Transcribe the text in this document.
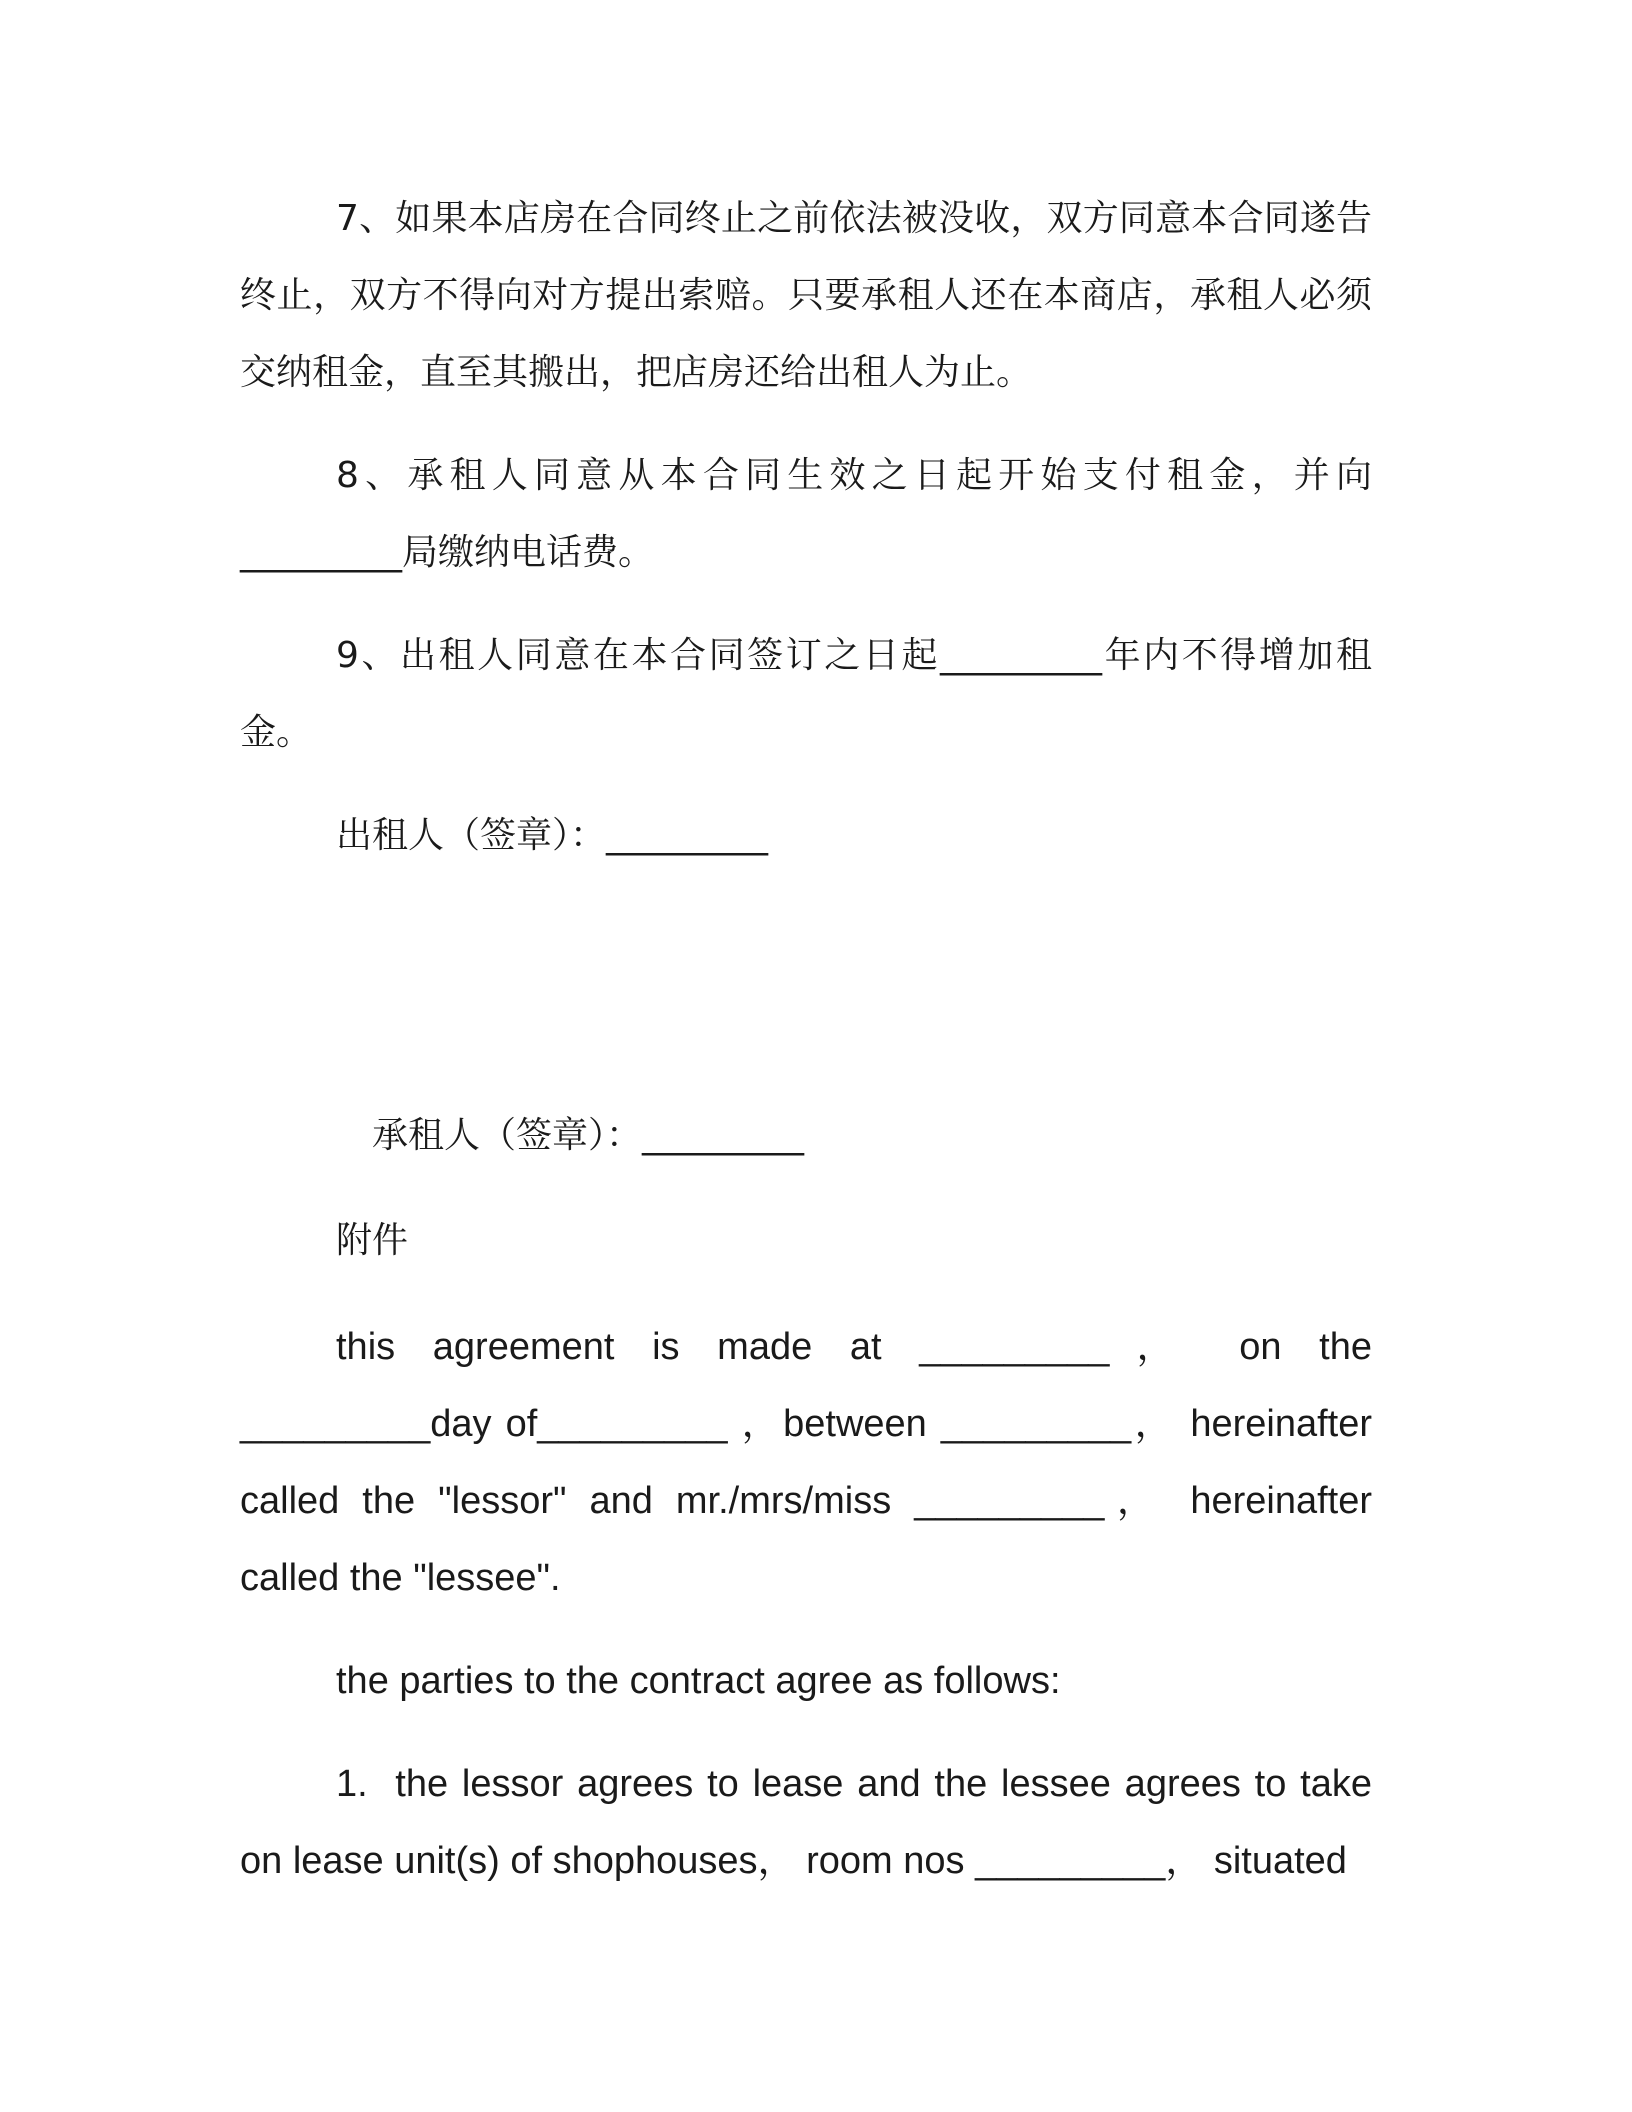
7、如果本店房在合同终止之前依法被没收，双方同意本合同遂告终止，双方不得向对方提出索赔。只要承租人还在本商店，承租人必须交纳租金，直至其搬出，把店房还给出租人为止。

8、承租人同意从本合同生效之日起开始支付租金，并向_________局缴纳电话费。

9、出租人同意在本合同签订之日起_________年内不得增加租金。

出租人（签章）：_________

承租人（签章）：_________

附件

this agreement is made at _________， on the _________day of_________ ，between _________， hereinafter called the "lessor" and mr./mrs/miss _________， hereinafter called the "lessee".

the parties to the contract agree as follows:

1.  the lessor agrees to lease and the lessee agrees to take on lease unit(s) of shophouses， room nos _________， situated
